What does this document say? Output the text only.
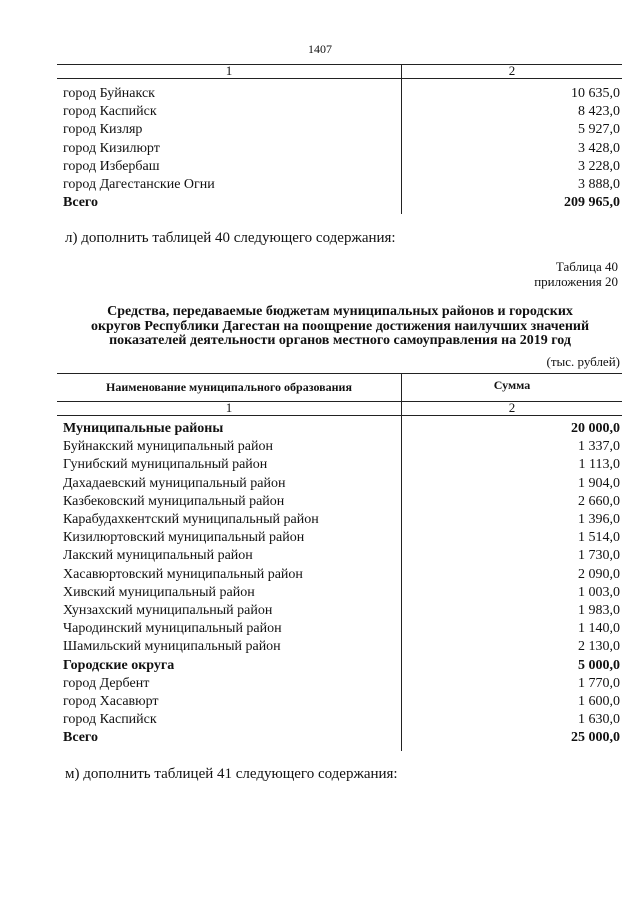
1407
1	2
город Буйнакск	10 635,0
город Каспийск	8 423,0
город Кизляр	5 927,0
город Кизилюрт	3 428,0
город Избербаш	3 228,0
город Дагестанские Огни	3 888,0
Всего	209 965,0
л) дополнить таблицей 40 следующего содержания:
Таблица 40
приложения 20
Средства, передаваемые бюджетам муниципальных районов и городских
округов Республики Дагестан на поощрение достижения наилучших значений
показателей деятельности органов местного самоуправления на 2019 год
(тыс. рублей)
Наименование муниципального образования	Сумма
1	2
Муниципальные районы	20 000,0
Буйнакский муниципальный район	1 337,0
Гунибский муниципальный район	1 113,0
Дахадаевский муниципальный район	1 904,0
Казбековский муниципальный район	2 660,0
Карабудахкентский муниципальный район	1 396,0
Кизилюртовский муниципальный район	1 514,0
Лакский муниципальный район	1 730,0
Хасавюртовский муниципальный район	2 090,0
Хивский муниципальный район	1 003,0
Хунзахский муниципальный район	1 983,0
Чародинский муниципальный район	1 140,0
Шамильский муниципальный район	2 130,0
Городские округа	5 000,0
город Дербент	1 770,0
город Хасавюрт	1 600,0
город Каспийск	1 630,0
Всего	25 000,0
м) дополнить таблицей 41 следующего содержания:
